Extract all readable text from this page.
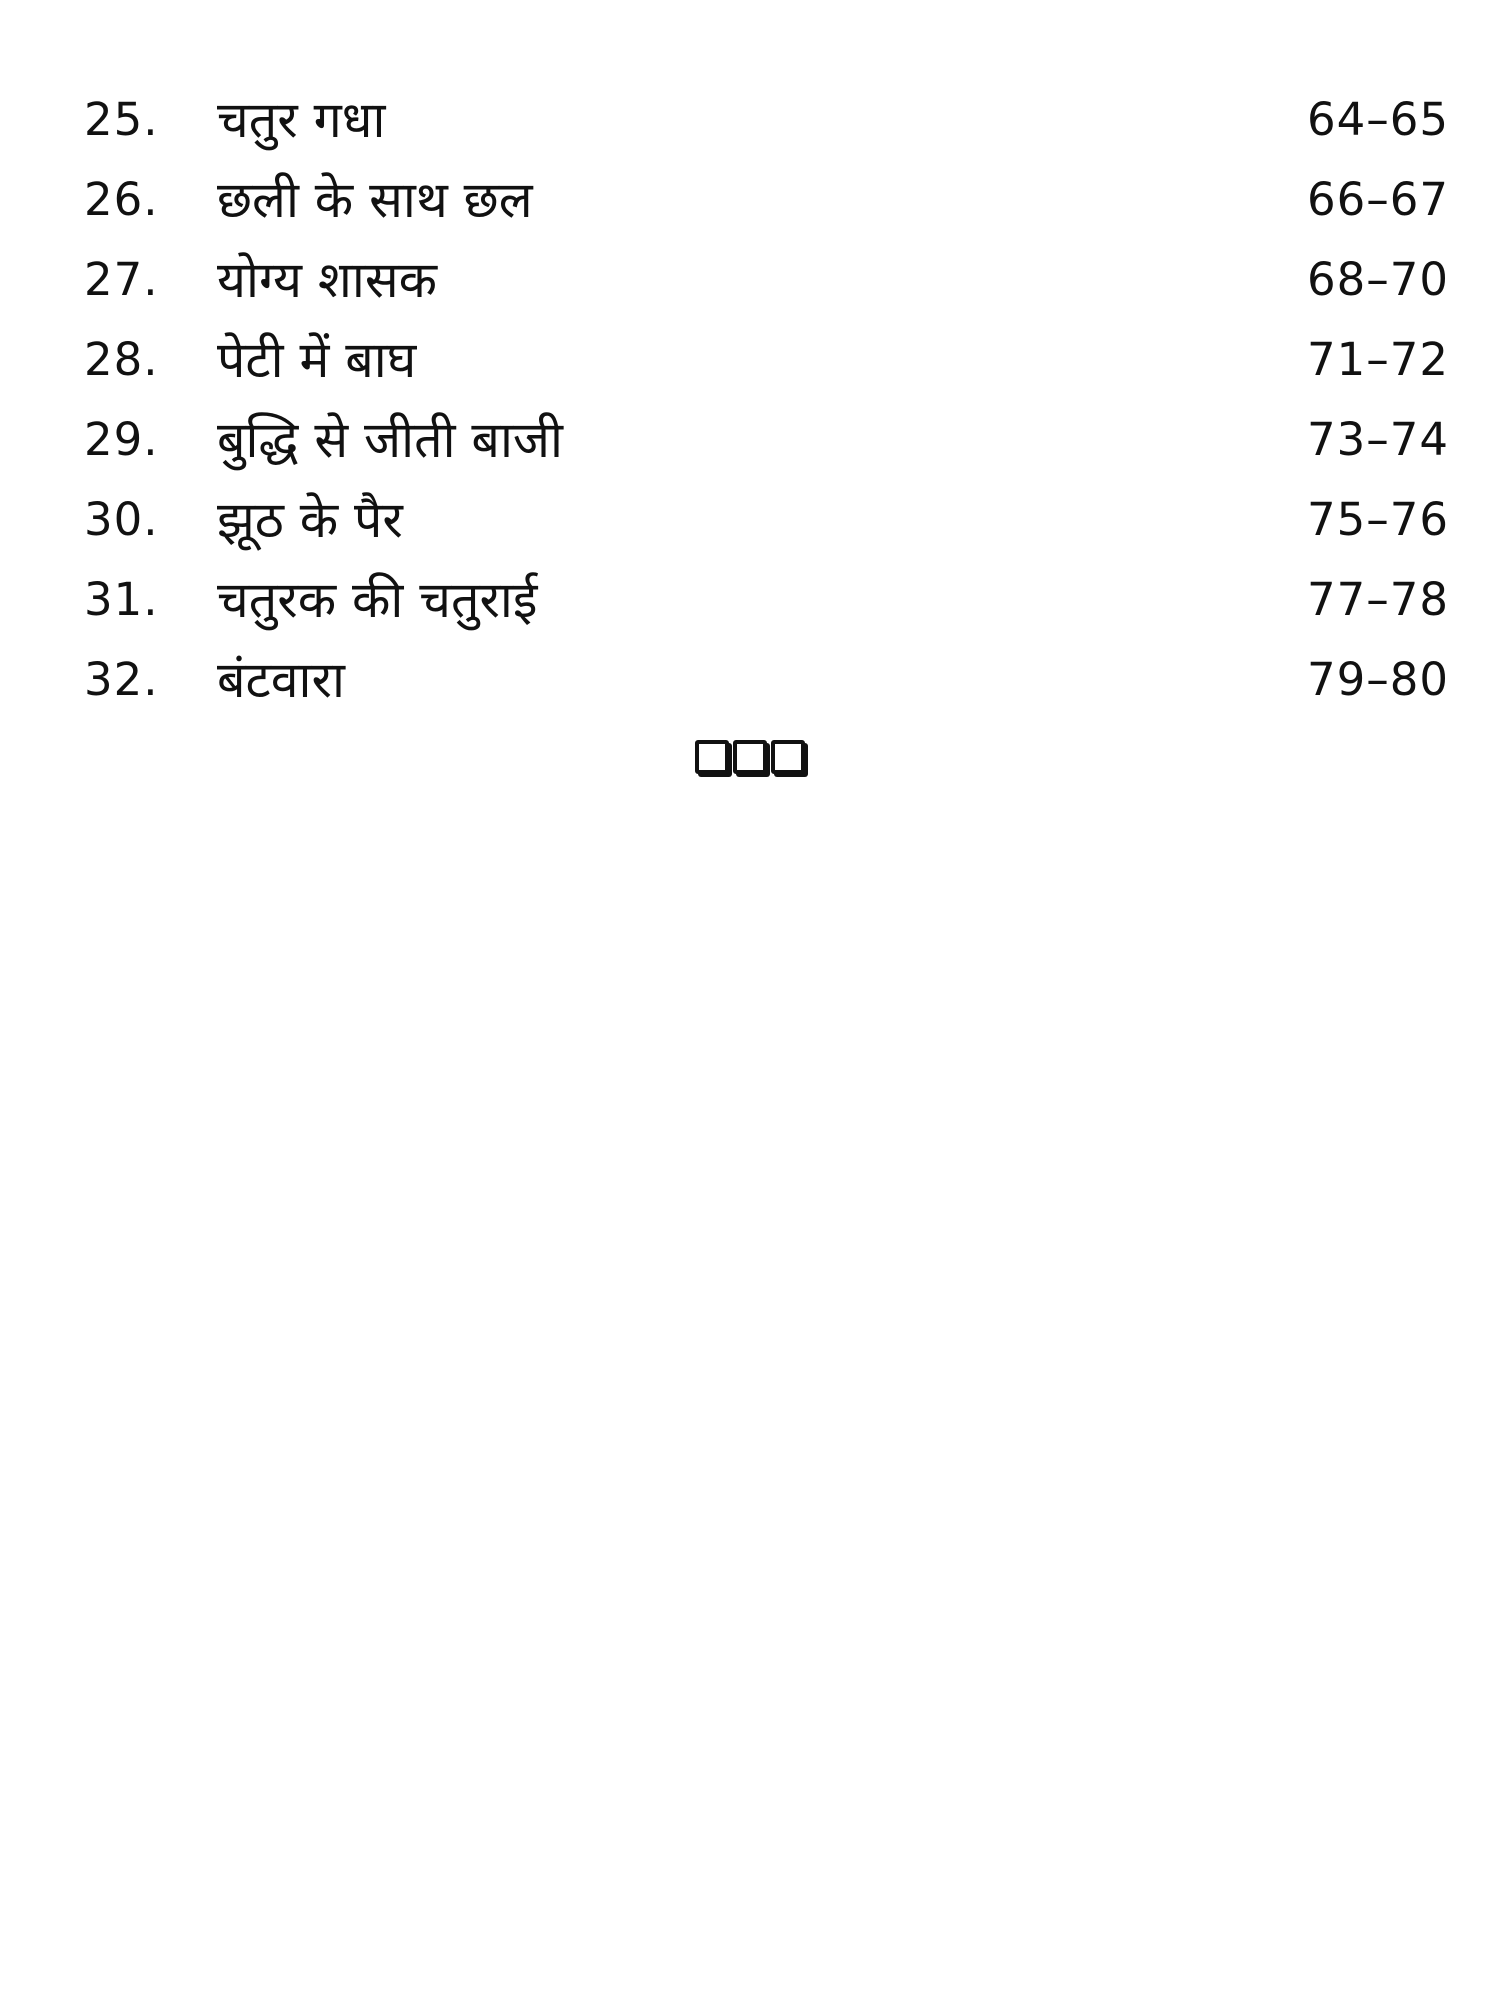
25. चतुर गधा	64–65
26. छली के साथ छल	66–67
27. योग्य शासक	68–70
28. पेटी में बाघ	71–72
29. बुद्धि से जीती बाजी	73–74
30. झूठ के पैर	75–76
31. चतुरक की चतुराई	77–78
32. बंटवारा	79–80
